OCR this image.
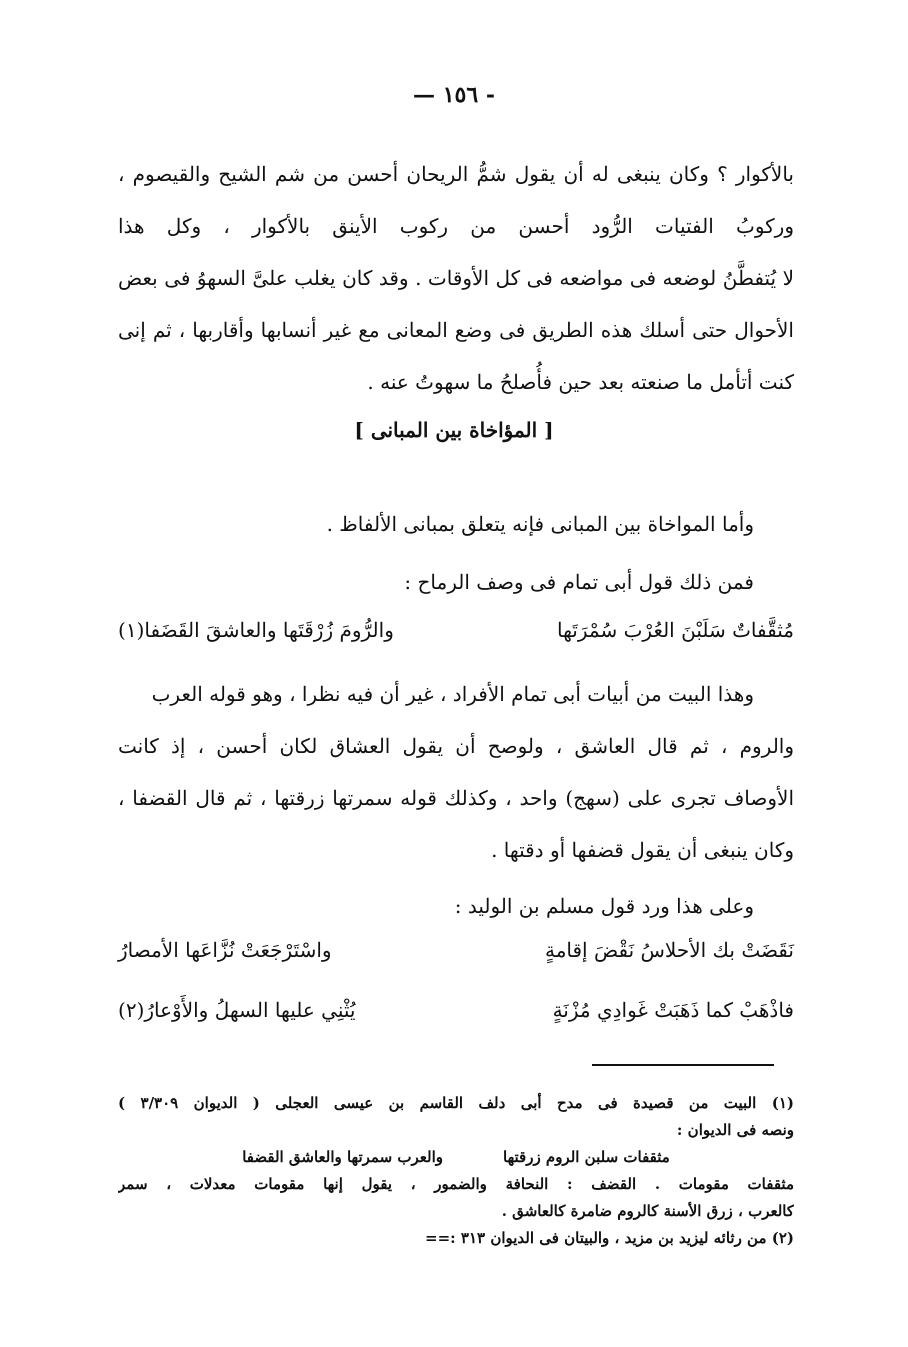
— ١٥٦ -
بالأكوار ؟ وكان ينبغى له أن يقول شمُّ الريحان أحسن من شم الشيح والقيصوم ،
وركوبُ الفتيات الرُّود أحسن من ركوب الأينق بالأكوار ، وكل هذا
لا يُتفطَّنُ لوضعه فى مواضعه فى كل الأوقات . وقد كان يغلب علىَّ السهوُ فى بعض
الأحوال حتى أسلك هذه الطريق فى وضع المعانى مع غير أنسابها وأقاربها ، ثم إنى
كنت أتأمل ما صنعته بعد حين فأُصلحُ ما سهوتُ عنه .
[ المؤاخاة بين المبانى ]
وأما المواخاة بين المبانى فإنه يتعلق بمبانى الألفاظ .
فمن ذلك قول أبى تمام فى وصف الرماح :
مُثقَّفاتٌ سَلَبْنَ العُرْبَ سُمْرَتَها
والرُّومَ زُرْقَتَها والعاشقَ القَضَفا(١)
وهذا البيت من أبيات أبى تمام الأفراد ، غير أن فيه نظرا ، وهو قوله العرب
والروم ، ثم قال العاشق ، ولوصح أن يقول العشاق لكان أحسن ، إذ كانت
الأوصاف تجرى على (سهج) واحد ، وكذلك قوله سمرتها زرقتها ، ثم قال القضفا ،
وكان ينبغى أن يقول قضفها أو دقتها .
وعلى هذا ورد قول مسلم بن الوليد :
نَقَضَتْ بك الأحلاسُ نَقْضَ إقامةٍ
واسْتَرْجَعَتْ نُزَّاعَها الأمصارُ
فاذْهَبْ كما ذَهَبَتْ غَوادِي مُزْنَةٍ
يُثْنِي عليها السهلُ والأَوْعارُ(٢)
(١) البيت من قصيدة فى مدح أبى دلف القاسم بن عيسى العجلى ( الديوان ٣/٣٠٩ )
ونصه فى الديوان :
مثقفات سلبن الروم زرقتها
والعرب سمرتها والعاشق القضفا
مثقفات مقومات . القضف : النحافة والضمور ، يقول إنها مقومات معدلات ، سمر
كالعرب ، زرق الأسنة كالروم ضامرة كالعاشق .
(٢) من رثائه ليزيد بن مزيد ، والبيتان فى الديوان ٣١٣ :==
